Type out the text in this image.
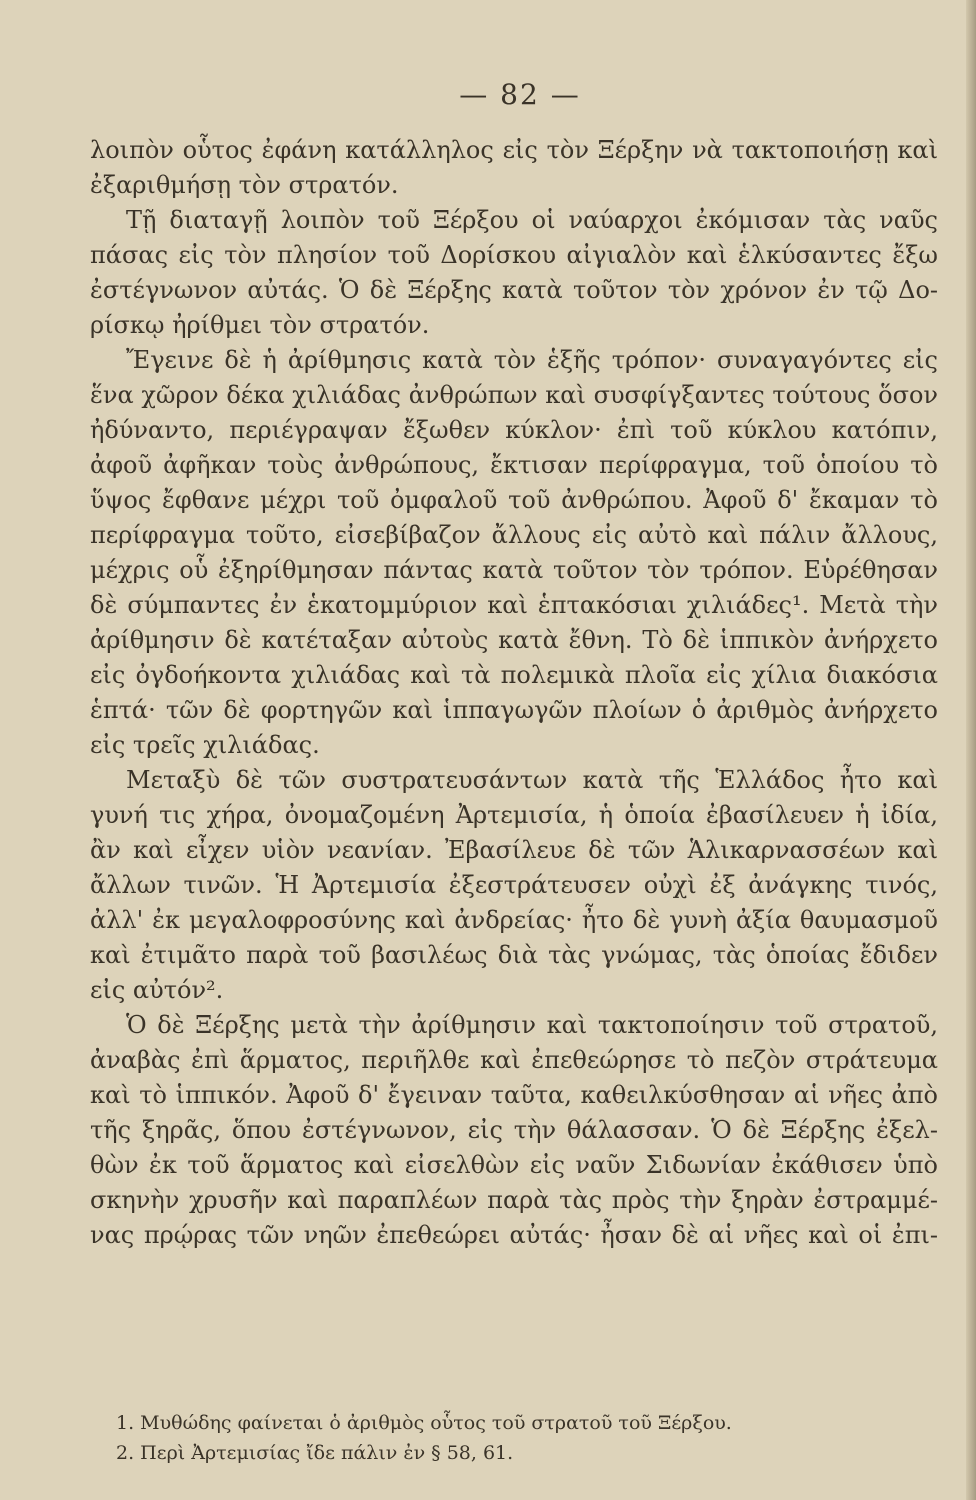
— 82 —
λοιπὸν οὗτος ἐφάνη κατάλληλος εἰς τὸν Ξέρξην νὰ τακτοποιήσῃ καὶ
ἐξαριθμήσῃ τὸν στρατόν.
Τῇ διαταγῇ λοιπὸν τοῦ Ξέρξου οἱ ναύαρχοι ἐκόμισαν τὰς ναῦς
πάσας εἰς τὸν πλησίον τοῦ Δορίσκου αἰγιαλὸν καὶ ἑλκύσαντες ἔξω
ἐστέγνωνον αὐτάς. Ὁ δὲ Ξέρξης κατὰ τοῦτον τὸν χρόνον ἐν τῷ Δο-
ρίσκῳ ἠρίθμει τὸν στρατόν.
Ἔγεινε δὲ ἡ ἀρίθμησις κατὰ τὸν ἑξῆς τρόπον· συναγαγόντες εἰς
ἕνα χῶρον δέκα χιλιάδας ἀνθρώπων καὶ συσφίγξαντες τούτους ὅσον
ἠδύναντο, περιέγραψαν ἔξωθεν κύκλον· ἐπὶ τοῦ κύκλου κατόπιν,
ἀφοῦ ἀφῆκαν τοὺς ἀνθρώπους, ἔκτισαν περίφραγμα, τοῦ ὁποίου τὸ
ὕψος ἔφθανε μέχρι τοῦ ὀμφαλοῦ τοῦ ἀνθρώπου. Ἀφοῦ δ' ἔκαμαν τὸ
περίφραγμα τοῦτο, εἰσεβίβαζον ἄλλους εἰς αὐτὸ καὶ πάλιν ἄλλους,
μέχρις οὗ ἐξηρίθμησαν πάντας κατὰ τοῦτον τὸν τρόπον. Εὑρέθησαν
δὲ σύμπαντες ἐν ἑκατομμύριον καὶ ἑπτακόσιαι χιλιάδες¹. Μετὰ τὴν
ἀρίθμησιν δὲ κατέταξαν αὐτοὺς κατὰ ἔθνη. Τὸ δὲ ἱππικὸν ἀνήρχετο
εἰς ὀγδοήκοντα χιλιάδας καὶ τὰ πολεμικὰ πλοῖα εἰς χίλια διακόσια
ἑπτά· τῶν δὲ φορτηγῶν καὶ ἱππαγωγῶν πλοίων ὁ ἀριθμὸς ἀνήρχετο
εἰς τρεῖς χιλιάδας.
Μεταξὺ δὲ τῶν συστρατευσάντων κατὰ τῆς Ἑλλάδος ἦτο καὶ
γυνή τις χήρα, ὀνομαζομένη Ἀρτεμισία, ἡ ὁποία ἐβασίλευεν ἡ ἰδία,
ἂν καὶ εἶχεν υἱὸν νεανίαν. Ἐβασίλευε δὲ τῶν Ἁλικαρνασσέων καὶ
ἄλλων τινῶν. Ἡ Ἀρτεμισία ἐξεστράτευσεν οὐχὶ ἐξ ἀνάγκης τινός,
ἀλλ' ἐκ μεγαλοφροσύνης καὶ ἀνδρείας· ἦτο δὲ γυνὴ ἀξία θαυμασμοῦ
καὶ ἐτιμᾶτο παρὰ τοῦ βασιλέως διὰ τὰς γνώμας, τὰς ὁποίας ἔδιδεν
εἰς αὐτόν².
Ὁ δὲ Ξέρξης μετὰ τὴν ἀρίθμησιν καὶ τακτοποίησιν τοῦ στρατοῦ,
ἀναβὰς ἐπὶ ἅρματος, περιῆλθε καὶ ἐπεθεώρησε τὸ πεζὸν στράτευμα
καὶ τὸ ἱππικόν. Ἀφοῦ δ' ἔγειναν ταῦτα, καθειλκύσθησαν αἱ νῆες ἀπὸ
τῆς ξηρᾶς, ὅπου ἐστέγνωνον, εἰς τὴν θάλασσαν. Ὁ δὲ Ξέρξης ἐξελ-
θὼν ἐκ τοῦ ἅρματος καὶ εἰσελθὼν εἰς ναῦν Σιδωνίαν ἐκάθισεν ὑπὸ
σκηνὴν χρυσῆν καὶ παραπλέων παρὰ τὰς πρὸς τὴν ξηρὰν ἐστραμμέ-
νας πρῴρας τῶν νηῶν ἐπεθεώρει αὐτάς· ἦσαν δὲ αἱ νῆες καὶ οἱ ἐπι-
1. Μυθώδης φαίνεται ὁ ἀριθμὸς οὗτος τοῦ στρατοῦ τοῦ Ξέρξου.
2. Περὶ Ἀρτεμισίας ἴδε πάλιν ἐν § 58, 61.
